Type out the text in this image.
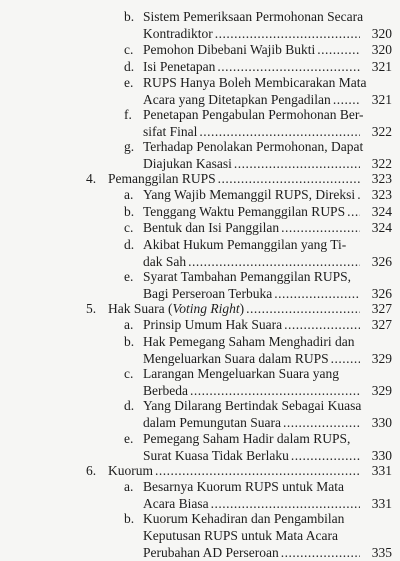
b. Sistem Pemeriksaan Permohonan Secara
Kontradiktor .....	320
c. Pemohon Dibebani Wajib Bukti .....	320
d. Isi Penetapan .....	321
e. RUPS Hanya Boleh Membicarakan Mata
Acara yang Ditetapkan Pengadilan .....	321
f. Penetapan Pengabulan Permohonan Ber-
sifat Final .....	322
g. Terhadap Penolakan Permohonan, Dapat
Diajukan Kasasi .....	322
4. Pemanggilan RUPS .....	323
a. Yang Wajib Memanggil RUPS, Direksi ..... 323
b. Tenggang Waktu Pemanggilan RUPS ..... 324
c. Bentuk dan Isi Panggilan .....	324
d. Akibat Hukum Pemanggilan yang Ti-
dak Sah .....	326
e. Syarat Tambahan Pemanggilan RUPS,
Bagi Perseroan Terbuka .....	326
5. Hak Suara (Voting Right) .....	327
a. Prinsip Umum Hak Suara .....	327
b. Hak Pemegang Saham Menghadiri dan
Mengeluarkan Suara dalam RUPS .....	329
c. Larangan Mengeluarkan Suara yang
Berbeda .....	329
d. Yang Dilarang Bertindak Sebagai Kuasa
dalam Pemungutan Suara .....	330
e. Pemegang Saham Hadir dalam RUPS,
Surat Kuasa Tidak Berlaku .....	330
6. Kuorum .....	331
a. Besarnya Kuorum RUPS untuk Mata
Acara Biasa .....	331
b. Kuorum Kehadiran dan Pengambilan
Keputusan RUPS untuk Mata Acara
Perubahan AD Perseroan .....	335
